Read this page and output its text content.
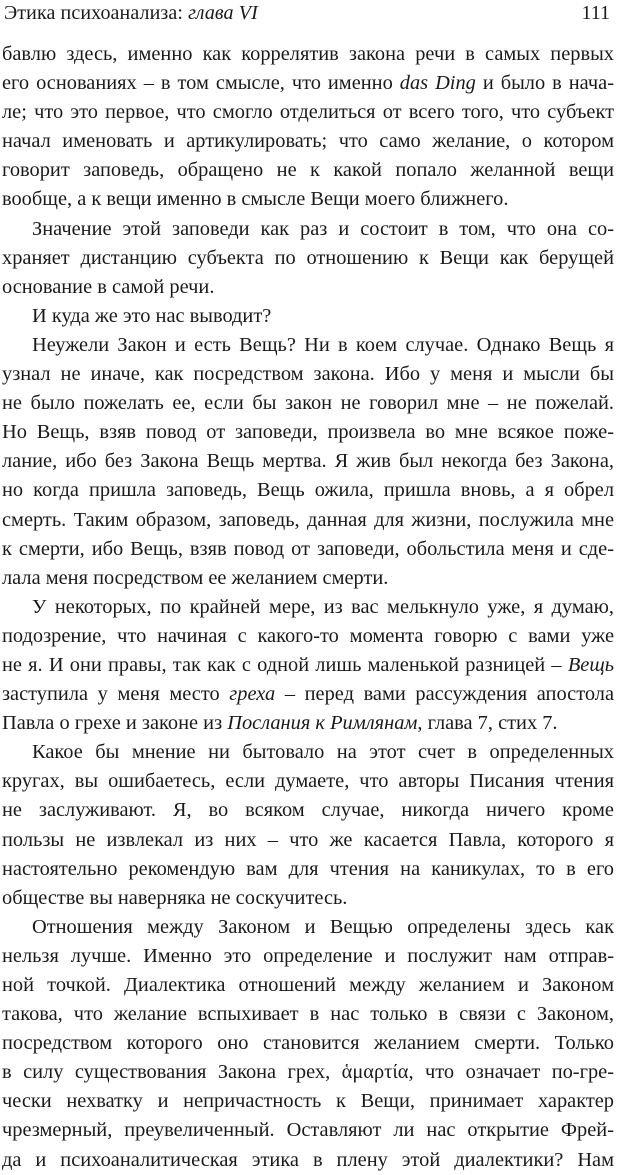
Этика психоанализа: глава VI	111
бавлю здесь, именно как коррелятив закона речи в самых первых
его основаниях – в том смысле, что именно das Ding и было в нача-
ле; что это первое, что смогло отделиться от всего того, что субъект
начал именовать и артикулировать; что само желание, о котором
говорит заповедь, обращено не к какой попало желанной вещи
вообще, а к вещи именно в смысле Вещи моего ближнего.
Значение этой заповеди как раз и состоит в том, что она со-
храняет дистанцию субъекта по отношению к Вещи как берущей
основание в самой речи.
И куда же это нас выводит?
Неужели Закон и есть Вещь? Ни в коем случае. Однако Вещь я
узнал не иначе, как посредством закона. Ибо у меня и мысли бы
не было пожелать ее, если бы закон не говорил мне – не пожелай.
Но Вещь, взяв повод от заповеди, произвела во мне всякое поже-
лание, ибо без Закона Вещь мертва. Я жив был некогда без Закона,
но когда пришла заповедь, Вещь ожила, пришла вновь, а я обрел
смерть. Таким образом, заповедь, данная для жизни, послужила мне
к смерти, ибо Вещь, взяв повод от заповеди, обольстила меня и сде-
лала меня посредством ее желанием смерти.
У некоторых, по крайней мере, из вас мелькнуло уже, я думаю,
подозрение, что начиная с какого-то момента говорю с вами уже
не я. И они правы, так как с одной лишь маленькой разницей – Вещь
заступила у меня место греха – перед вами рассуждения апостола
Павла о грехе и законе из Послания к Римлянам, глава 7, стих 7.
Какое бы мнение ни бытовало на этот счет в определенных
кругах, вы ошибаетесь, если думаете, что авторы Писания чтения
не заслуживают. Я, во всяком случае, никогда ничего кроме
пользы не извлекал из них – что же касается Павла, которого я
настоятельно рекомендую вам для чтения на каникулах, то в его
обществе вы наверняка не соскучитесь.
Отношения между Законом и Вещью определены здесь как
нельзя лучше. Именно это определение и послужит нам отправ-
ной точкой. Диалектика отношений между желанием и Законом
такова, что желание вспыхивает в нас только в связи с Законом,
посредством которого оно становится желанием смерти. Только
в силу существования Закона грех, ἁμαρτία, что означает по-гре-
чески нехватку и непричастность к Вещи, принимает характер
чрезмерный, преувеличенный. Оставляют ли нас открытие Фрей-
да и психоаналитическая этика в плену этой диалектики? Нам
